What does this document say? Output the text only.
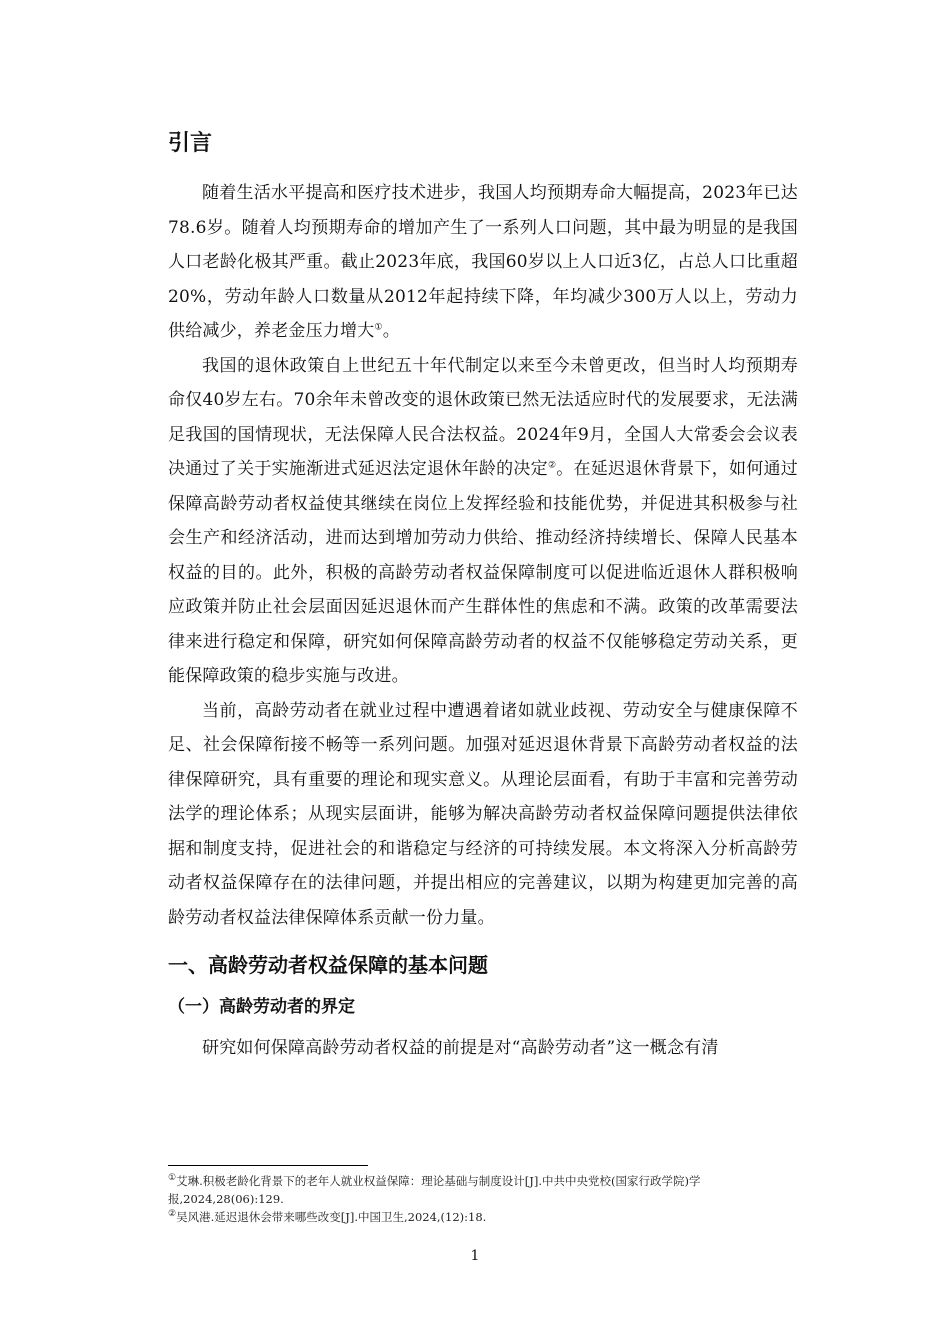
引言

随着生活水平提高和医疗技术进步，我国人均预期寿命大幅提高，2023年已达78.6岁。随着人均预期寿命的增加产生了一系列人口问题，其中最为明显的是我国人口老龄化极其严重。截止2023年底，我国60岁以上人口近3亿，占总人口比重超20%，劳动年龄人口数量从2012年起持续下降，年均减少300万人以上，劳动力供给减少，养老金压力增大①。

我国的退休政策自上世纪五十年代制定以来至今未曾更改，但当时人均预期寿命仅40岁左右。70余年未曾改变的退休政策已然无法适应时代的发展要求，无法满足我国的国情现状，无法保障人民合法权益。2024年9月，全国人大常委会会议表决通过了关于实施渐进式延迟法定退休年龄的决定②。在延迟退休背景下，如何通过保障高龄劳动者权益使其继续在岗位上发挥经验和技能优势，并促进其积极参与社会生产和经济活动，进而达到增加劳动力供给、推动经济持续增长、保障人民基本权益的目的。此外，积极的高龄劳动者权益保障制度可以促进临近退休人群积极响应政策并防止社会层面因延迟退休而产生群体性的焦虑和不满。政策的改革需要法律来进行稳定和保障，研究如何保障高龄劳动者的权益不仅能够稳定劳动关系，更能保障政策的稳步实施与改进。

当前，高龄劳动者在就业过程中遭遇着诸如就业歧视、劳动安全与健康保障不足、社会保障衔接不畅等一系列问题。加强对延迟退休背景下高龄劳动者权益的法律保障研究，具有重要的理论和现实意义。从理论层面看，有助于丰富和完善劳动法学的理论体系；从现实层面讲，能够为解决高龄劳动者权益保障问题提供法律依据和制度支持，促进社会的和谐稳定与经济的可持续发展。本文将深入分析高龄劳动者权益保障存在的法律问题，并提出相应的完善建议，以期为构建更加完善的高龄劳动者权益法律保障体系贡献一份力量。

一、高龄劳动者权益保障的基本问题
（一）高龄劳动者的界定

研究如何保障高龄劳动者权益的前提是对“高龄劳动者”这一概念有清

①艾琳.积极老龄化背景下的老年人就业权益保障：理论基础与制度设计[J].中共中央党校(国家行政学院)学报,2024,28(06):129.

②吴风港.延迟退休会带来哪些改变[J].中国卫生,2024,(12):18.

1
